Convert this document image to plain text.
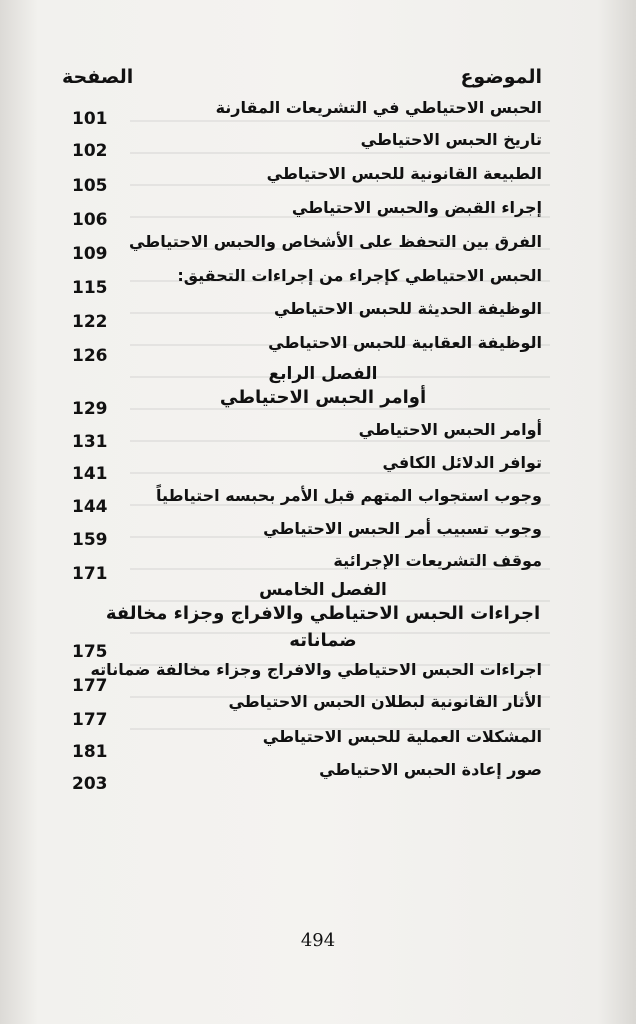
الموضوع
الصفحة
الحبس الاحتياطي في التشريعات المقارنة
101
تاريخ الحبس الاحتياطي
102
الطبيعة القانونية للحبس الاحتياطي
105
إجراء القبض والحبس الاحتياطي
106
الفرق بين التحفظ على الأشخاص والحبس الاحتياطي
109
الحبس الاحتياطي كإجراء من إجراءات التحقيق:
115
الوظيفة الحديثة للحبس الاحتياطي
122
الوظيفة العقابية للحبس الاحتياطي
126
الفصل الرابع
أوامر الحبس الاحتياطي
أوامر الحبس الاحتياطي
129
توافر الدلائل الكافي
131
وجوب استجواب المتهم قبل الأمر بحبسه احتياطياً
141
وجوب تسبيب أمر الحبس الاحتياطي
144
موقف التشريعات الإجرائية
159
171
الفصل الخامس
اجراءات الحبس الاحتياطي والافراج وجزاء مخالفة
ضماناته
اجراءات الحبس الاحتياطي والافراج وجزاء مخالفة ضماناته
175
الأثار القانونية لبطلان الحبس الاحتياطي
177
المشكلات العملية للحبس الاحتياطي
177
صور إعادة الحبس الاحتياطي
181
203
494
